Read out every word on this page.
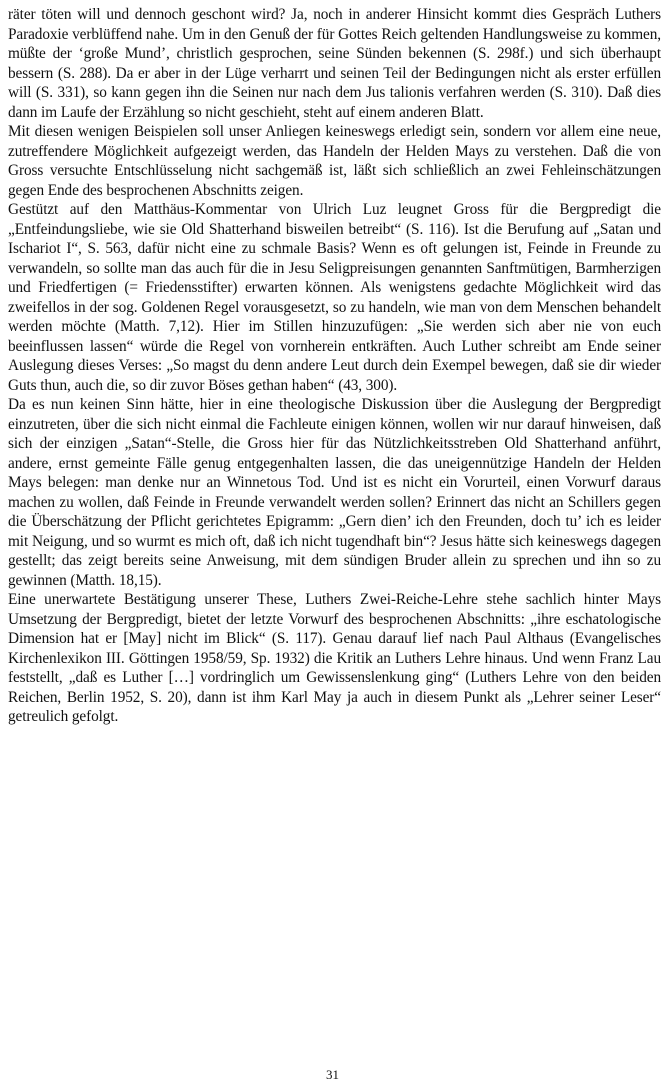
räter töten will und dennoch geschont wird? Ja, noch in anderer Hinsicht kommt dies Gespräch Luthers Paradoxie verblüffend nahe. Um in den Genuß der für Gottes Reich geltenden Handlungsweise zu kommen, müßte der ‘große Mund’, christlich gesprochen, seine Sünden bekennen (S. 298f.) und sich überhaupt bessern (S. 288). Da er aber in der Lüge verharrt und seinen Teil der Bedingungen nicht als erster erfüllen will (S. 331), so kann gegen ihn die Seinen nur nach dem Jus talionis verfahren werden (S. 310). Daß dies dann im Laufe der Erzählung so nicht geschieht, steht auf einem anderen Blatt.

Mit diesen wenigen Beispielen soll unser Anliegen keineswegs erledigt sein, sondern vor allem eine neue, zutreffendere Möglichkeit aufgezeigt werden, das Handeln der Helden Mays zu verstehen. Daß die von Gross versuchte Entschlüsselung nicht sachgemäß ist, läßt sich schließlich an zwei Fehleinschätzungen gegen Ende des besprochenen Abschnitts zeigen.

Gestützt auf den Matthäus-Kommentar von Ulrich Luz leugnet Gross für die Bergpredigt die „Entfeindungsliebe, wie sie Old Shatterhand bisweilen betreibt“ (S. 116). Ist die Berufung auf „Satan und Ischariot I“, S. 563, dafür nicht eine zu schmale Basis? Wenn es oft gelungen ist, Feinde in Freunde zu verwandeln, so sollte man das auch für die in Jesu Seligpreisungen genannten Sanftmütigen, Barmherzigen und Friedfertigen (= Friedensstifter) erwarten können. Als wenigstens gedachte Möglichkeit wird das zweifellos in der sog. Goldenen Regel vorausgesetzt, so zu handeln, wie man von dem Menschen behandelt werden möchte (Matth. 7,12). Hier im Stillen hinzuzufügen: „Sie werden sich aber nie von euch beeinflussen lassen“ würde die Regel von vornherein entkräften. Auch Luther schreibt am Ende seiner Auslegung dieses Verses: „So magst du denn andere Leut durch dein Exempel bewegen, daß sie dir wieder Guts thun, auch die, so dir zuvor Böses gethan haben“ (43, 300).

Da es nun keinen Sinn hätte, hier in eine theologische Diskussion über die Auslegung der Bergpredigt einzutreten, über die sich nicht einmal die Fachleute einigen können, wollen wir nur darauf hinweisen, daß sich der einzigen „Satan“-Stelle, die Gross hier für das Nützlichkeitsstreben Old Shatterhand anführt, andere, ernst gemeinte Fälle genug entgegenhalten lassen, die das uneigennützige Handeln der Helden Mays belegen: man denke nur an Winnetous Tod. Und ist es nicht ein Vorurteil, einen Vorwurf daraus machen zu wollen, daß Feinde in Freunde verwandelt werden sollen? Erinnert das nicht an Schillers gegen die Überschätzung der Pflicht gerichtetes Epigramm: „Gern dien’ ich den Freunden, doch tu’ ich es leider mit Neigung, und so wurmt es mich oft, daß ich nicht tugendhaft bin“? Jesus hätte sich keineswegs dagegen gestellt; das zeigt bereits seine Anweisung, mit dem sündigen Bruder allein zu sprechen und ihn so zu gewinnen (Matth. 18,15).

Eine unerwartete Bestätigung unserer These, Luthers Zwei-Reiche-Lehre stehe sachlich hinter Mays Umsetzung der Bergpredigt, bietet der letzte Vorwurf des besprochenen Abschnitts: „ihre eschatologische Dimension hat er [May] nicht im Blick“ (S. 117). Genau darauf lief nach Paul Althaus (Evangelisches Kirchenlexikon III. Göttingen 1958/59, Sp. 1932) die Kritik an Luthers Lehre hinaus. Und wenn Franz Lau feststellt, „daß es Luther […] vordringlich um Gewissenslenkung ging“ (Luthers Lehre von den beiden Reichen, Berlin 1952, S. 20), dann ist ihm Karl May ja auch in diesem Punkt als „Lehrer seiner Leser“ getreulich gefolgt.

31
